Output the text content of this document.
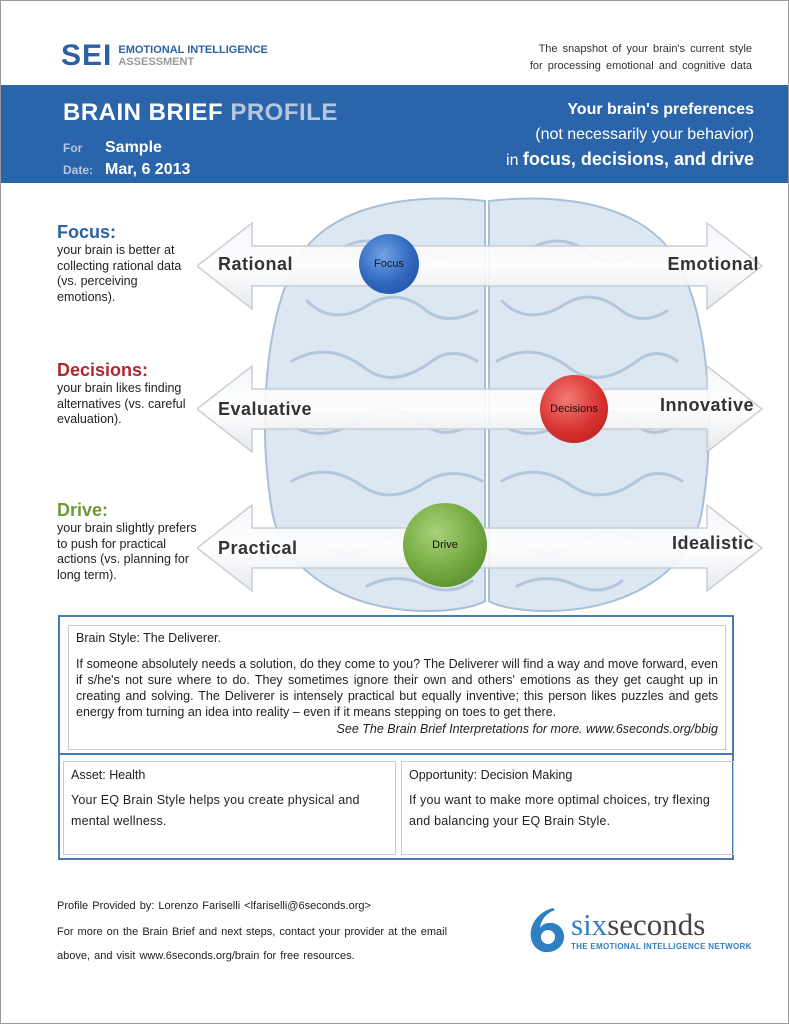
SEI EMOTIONAL INTELLIGENCE
ASSESSMENT
The snapshot of your brain's current style
for processing emotional and cognitive data
BRAIN BRIEF PROFILE
For Sample
Date: Mar, 6 2013
Your brain's preferences
(not necessarily your behavior)
in focus, decisions, and drive
Focus:
your brain is better at collecting rational data (vs. perceiving emotions).
Decisions:
your brain likes finding alternatives (vs. careful evaluation).
Drive:
your brain slightly prefers to push for practical actions (vs. planning for long term).
Rational	Emotional
Evaluative	Innovative
Practical	Idealistic
Focus
Decisions
Drive
Brain Style: The Deliverer.
If someone absolutely needs a solution, do they come to you? The Deliverer will find a way and move forward, even if s/he's not sure where to do. They sometimes ignore their own and others' emotions as they get caught up in creating and solving. The Deliverer is intensely practical but equally inventive; this person likes puzzles and gets energy from turning an idea into reality – even if it means stepping on toes to get there.
See The Brain Brief Interpretations for more. www.6seconds.org/bbig
Asset: Health
Your EQ Brain Style helps you create physical and mental wellness.
Opportunity: Decision Making
If you want to make more optimal choices, try flexing and balancing your EQ Brain Style.
Profile Provided by: Lorenzo Fariselli <lfariselli@6seconds.org>
For more on the Brain Brief and next steps, contact your provider at the email above, and visit www.6seconds.org/brain for free resources.
sixseconds
THE EMOTIONAL INTELLIGENCE NETWORK
